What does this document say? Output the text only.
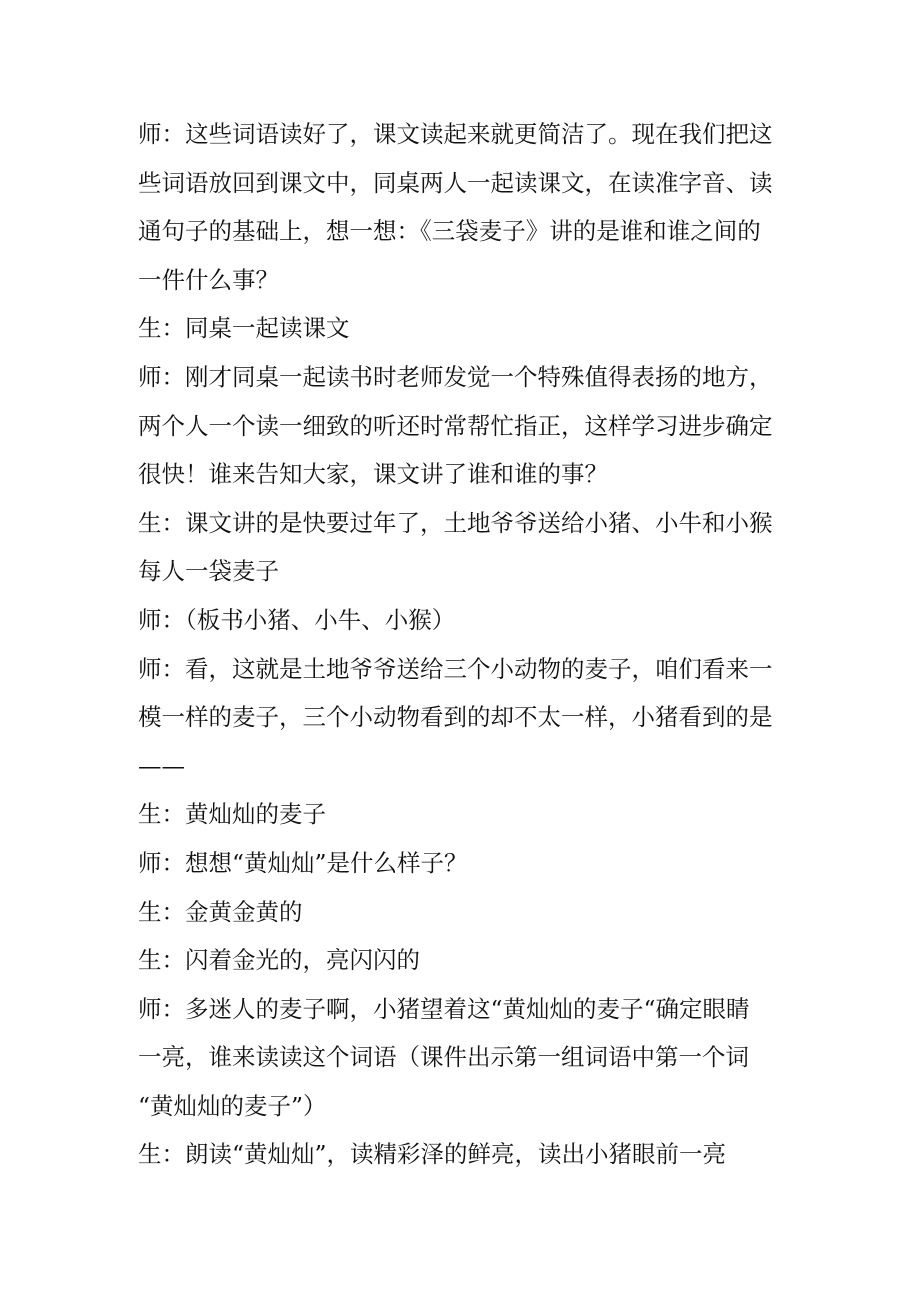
师：这些词语读好了，课文读起来就更简洁了。现在我们把这
些词语放回到课文中，同桌两人一起读课文，在读准字音、读
通句子的基础上，想一想：《三袋麦子》讲的是谁和谁之间的
一件什么事？
生：同桌一起读课文
师：刚才同桌一起读书时老师发觉一个特殊值得表扬的地方，
两个人一个读一细致的听还时常帮忙指正，这样学习进步确定
很快！谁来告知大家，课文讲了谁和谁的事？
生：课文讲的是快要过年了，土地爷爷送给小猪、小牛和小猴
每人一袋麦子
师：（板书小猪、小牛、小猴）
师：看，这就是土地爷爷送给三个小动物的麦子，咱们看来一
模一样的麦子，三个小动物看到的却不太一样，小猪看到的是
——
生：黄灿灿的麦子
师：想想“黄灿灿”是什么样子？
生：金黄金黄的
生：闪着金光的，亮闪闪的
师：多迷人的麦子啊，小猪望着这“黄灿灿的麦子“确定眼睛
一亮，谁来读读这个词语（课件出示第一组词语中第一个词
“黄灿灿的麦子”）
生：朗读“黄灿灿”，读精彩泽的鲜亮，读出小猪眼前一亮
